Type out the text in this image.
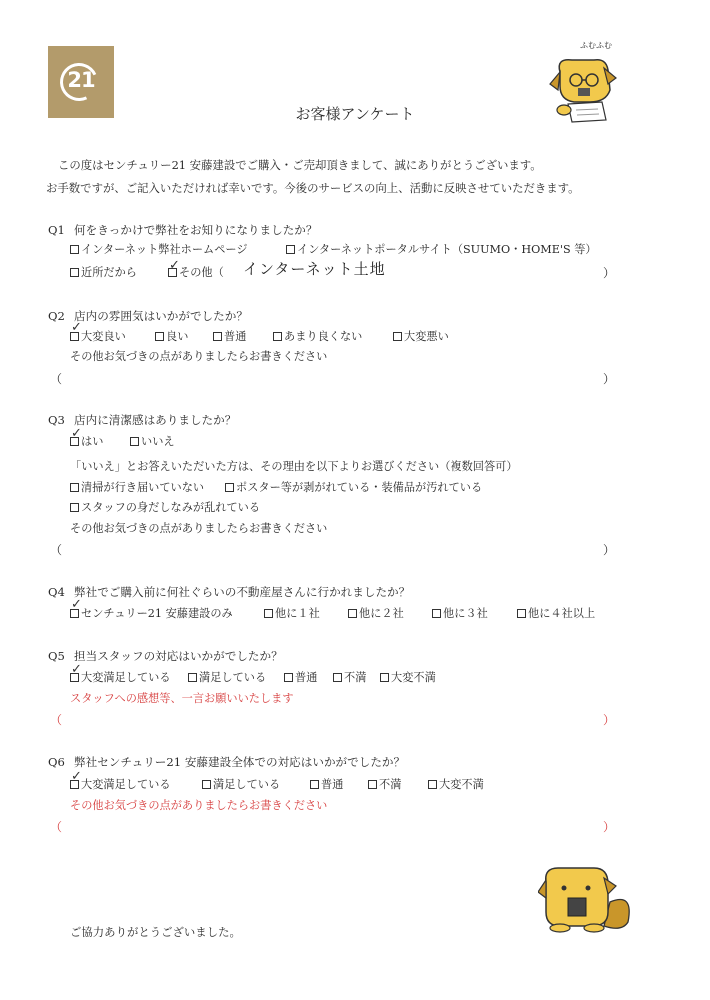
21
ふむふむ
お客様アンケート
この度はセンチュリー21 安藤建設でご購入・ご売却頂きまして、誠にありがとうございます。
お手数ですが、ご記入いただければ幸いです。今後のサービスの向上、活動に反映させていただきます。
Q1 何をきっかけで弊社をお知りになりましたか？
インターネット弊社ホームページ	インターネットポータルサイト（SUUMO・HOME'S 等）
近所だから	その他（
✓	インターネット土地	）
Q2 店内の雰囲気はいかがでしたか？
大変良い
✓
良い	普通	あまり良くない	大変悪い
その他お気づきの点がありましたらお書きください
（	）
Q3 店内に清潔感はありましたか？
はい
✓
いいえ
「いいえ」とお答えいただいた方は、その理由を以下よりお選びください（複数回答可）
清掃が行き届いていない	ポスター等が剥がれている・装備品が汚れている
スタッフの身だしなみが乱れている
その他お気づきの点がありましたらお書きください
（	）
Q4 弊社でご購入前に何社ぐらいの不動産屋さんに行かれましたか？
センチュリー21 安藤建設のみ
✓
他に１社	他に２社	他に３社	他に４社以上
Q5 担当スタッフの対応はいかがでしたか？
大変満足している
✓
満足している	普通	不満	大変不満
スタッフへの感想等、一言お願いいたします
（	）
Q6 弊社センチュリー21 安藤建設全体での対応はいかがでしたか？
大変満足している
✓
満足している	普通	不満	大変不満
その他お気づきの点がありましたらお書きください
（	）
ご協力ありがとうございました。
